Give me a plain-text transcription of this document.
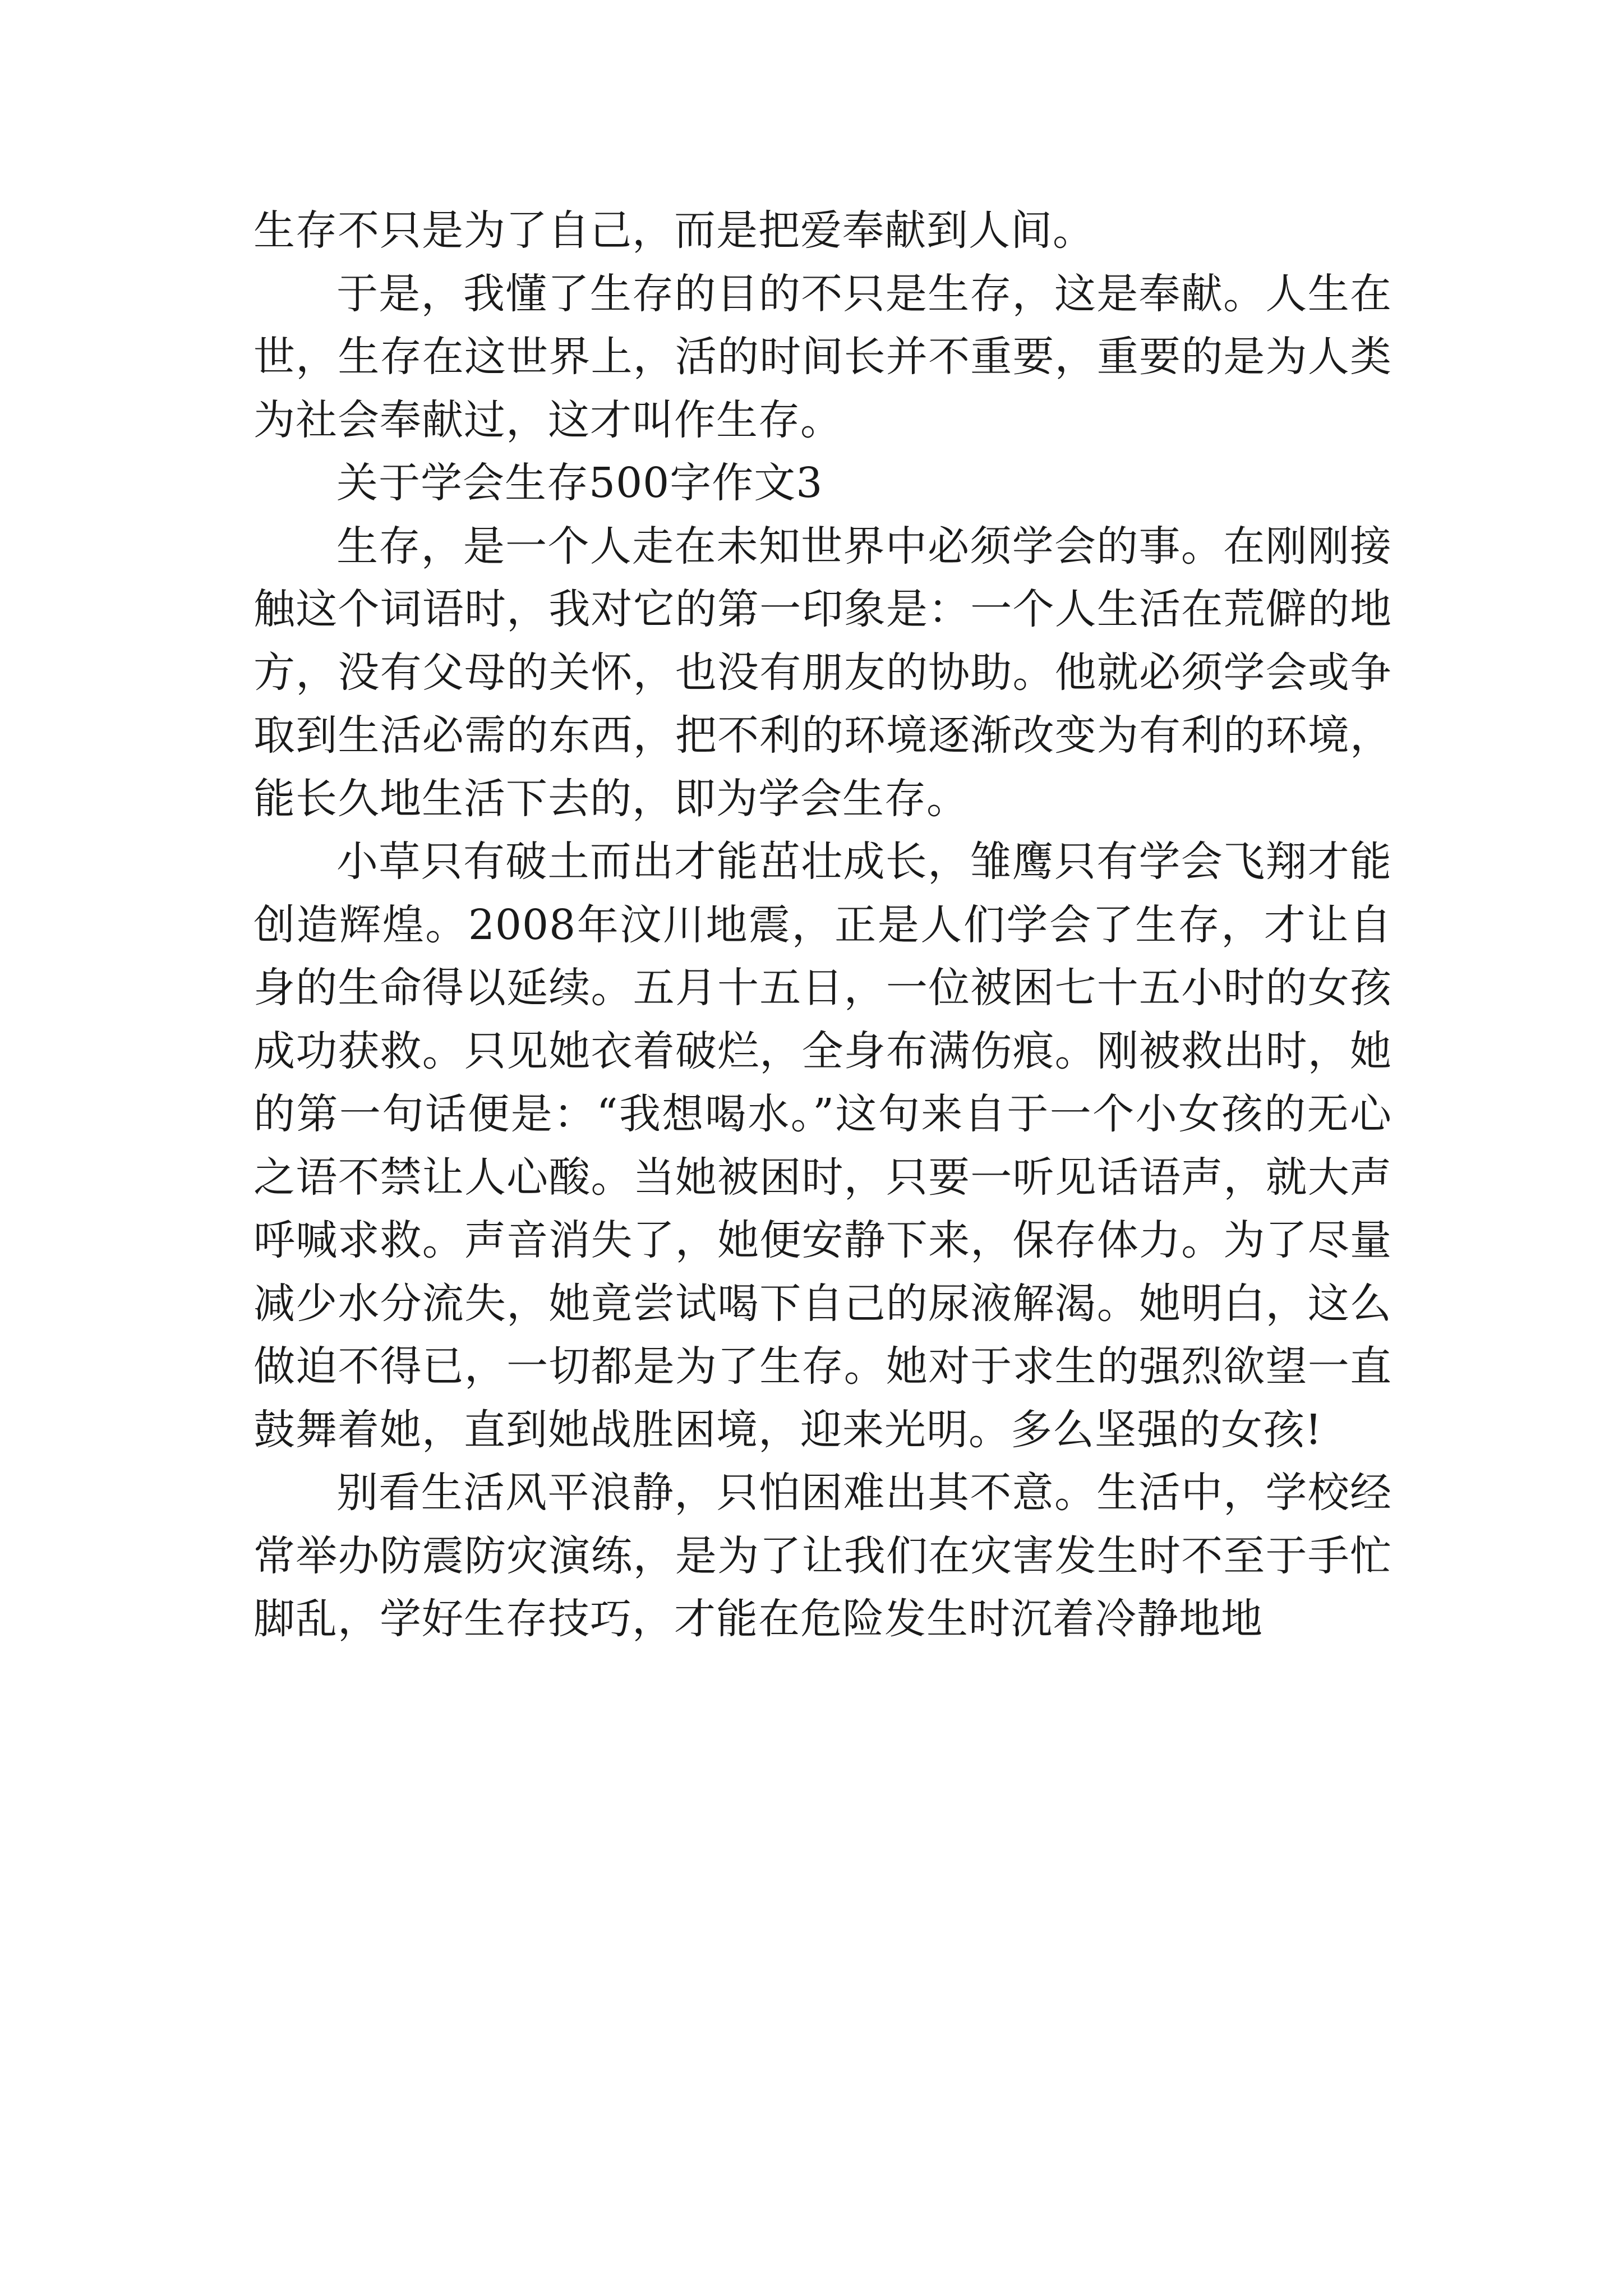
生存不只是为了自己，而是把爱奉献到人间。

于是，我懂了生存的目的不只是生存，这是奉献。人生在世，生存在这世界上，活的时间长并不重要，重要的是为人类为社会奉献过，这才叫作生存。

关于学会生存500字作文3

生存，是一个人走在未知世界中必须学会的事。在刚刚接触这个词语时，我对它的第一印象是：一个人生活在荒僻的地方，没有父母的关怀，也没有朋友的协助。他就必须学会或争取到生活必需的东西，把不利的环境逐渐改变为有利的环境，能长久地生活下去的，即为学会生存。

小草只有破土而出才能茁壮成长，雏鹰只有学会飞翔才能创造辉煌。2008年汶川地震，正是人们学会了生存，才让自身的生命得以延续。五月十五日，一位被困七十五小时的女孩成功获救。只见她衣着破烂，全身布满伤痕。刚被救出时，她的第一句话便是：“我想喝水。”这句来自于一个小女孩的无心之语不禁让人心酸。当她被困时，只要一听见话语声，就大声呼喊求救。声音消失了，她便安静下来，保存体力。为了尽量减少水分流失，她竟尝试喝下自己的尿液解渴。她明白，这么做迫不得已，一切都是为了生存。她对于求生的强烈欲望一直鼓舞着她，直到她战胜困境，迎来光明。多么坚强的女孩!

别看生活风平浪静，只怕困难出其不意。生活中，学校经常举办防震防灾演练，是为了让我们在灾害发生时不至于手忙脚乱，学好生存技巧，才能在危险发生时沉着冷静地地
